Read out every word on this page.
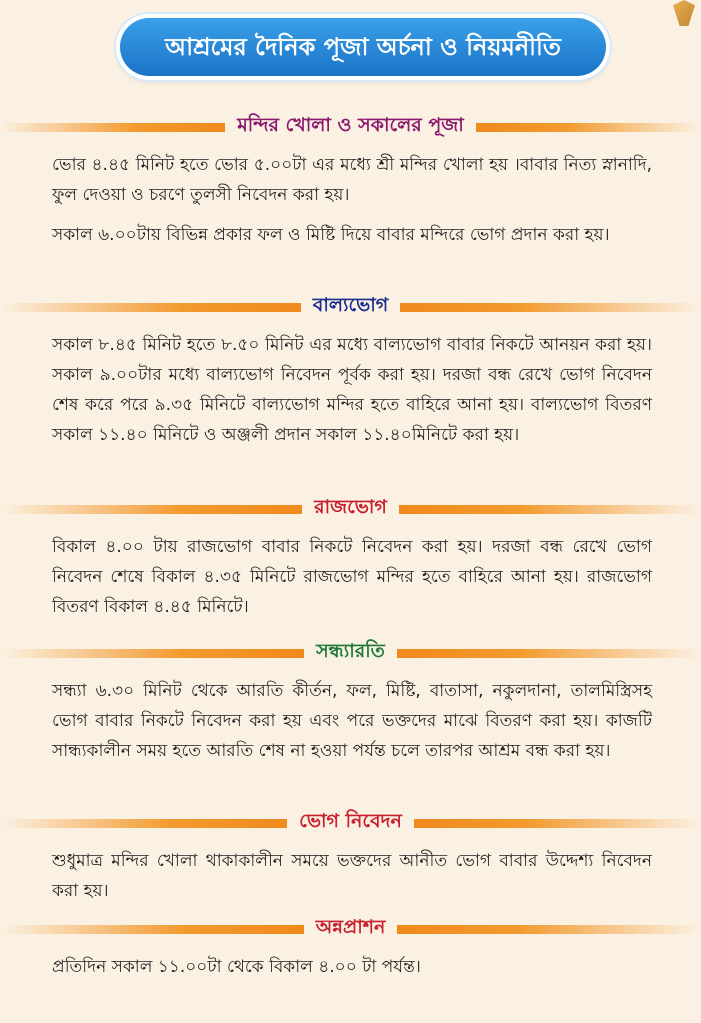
আশ্রমের দৈনিক পূজা অর্চনা ও নিয়মনীতি
মন্দির খোলা ও সকালের পূজা

ভোর ৪.৪৫ মিনিট হতে ভোর ৫.০০টা এর মধ্যে শ্রী মন্দির খোলা হয় ।বাবার নিত্য স্নানাদি, ফুল দেওয়া ও চরণে তুলসী নিবেদন করা হয়।

সকাল ৬.০০টায় বিভিন্ন প্রকার ফল ও মিষ্টি দিয়ে বাবার মন্দিরে ভোগ প্রদান করা হয়।

বাল্যভোগ

সকাল ৮.৪৫ মিনিট হতে ৮.৫০ মিনিট এর মধ্যে বাল্যভোগ বাবার নিকটে আনয়ন করা হয়। সকাল ৯.০০টার মধ্যে বাল্যভোগ নিবেদন পূর্বক করা হয়। দরজা বন্ধ রেখে ভোগ নিবেদন শেষ করে পরে ৯.৩৫ মিনিটে বাল্যভোগ মন্দির হতে বাহিরে আনা হয়। বাল্যভোগ বিতরণ সকাল ১১.৪০ মিনিটে ও অঞ্জলী প্রদান সকাল ১১.৪০মিনিটে করা হয়।

রাজভোগ

বিকাল ৪.০০ টায় রাজভোগ বাবার নিকটে নিবেদন করা হয়। দরজা বন্ধ রেখে ভোগ নিবেদন শেষে বিকাল ৪.৩৫ মিনিটে রাজভোগ মন্দির হতে বাহিরে আনা হয়। রাজভোগ বিতরণ বিকাল ৪.৪৫ মিনিটে।

সন্ধ্যারতি

সন্ধ্যা ৬.৩০ মিনিট থেকে আরতি কীর্তন, ফল, মিষ্টি, বাতাসা, নকুলদানা, তালমিস্ত্রিসহ ভোগ বাবার নিকটে নিবেদন করা হয় এবং পরে ভক্তদের মাঝে বিতরণ করা হয়। কাজটি সান্ধ্যকালীন সময় হতে আরতি শেষ না হওয়া পর্যন্ত চলে তারপর আশ্রম বন্ধ করা হয়।

ভোগ নিবেদন

শুধুমাত্র মন্দির খোলা থাকাকালীন সময়ে ভক্তদের আনীত ভোগ বাবার উদ্দেশ্য নিবেদন করা হয়।

অন্নপ্রাশন

প্রতিদিন সকাল ১১.০০টা থেকে বিকাল ৪.০০ টা পর্যন্ত।
